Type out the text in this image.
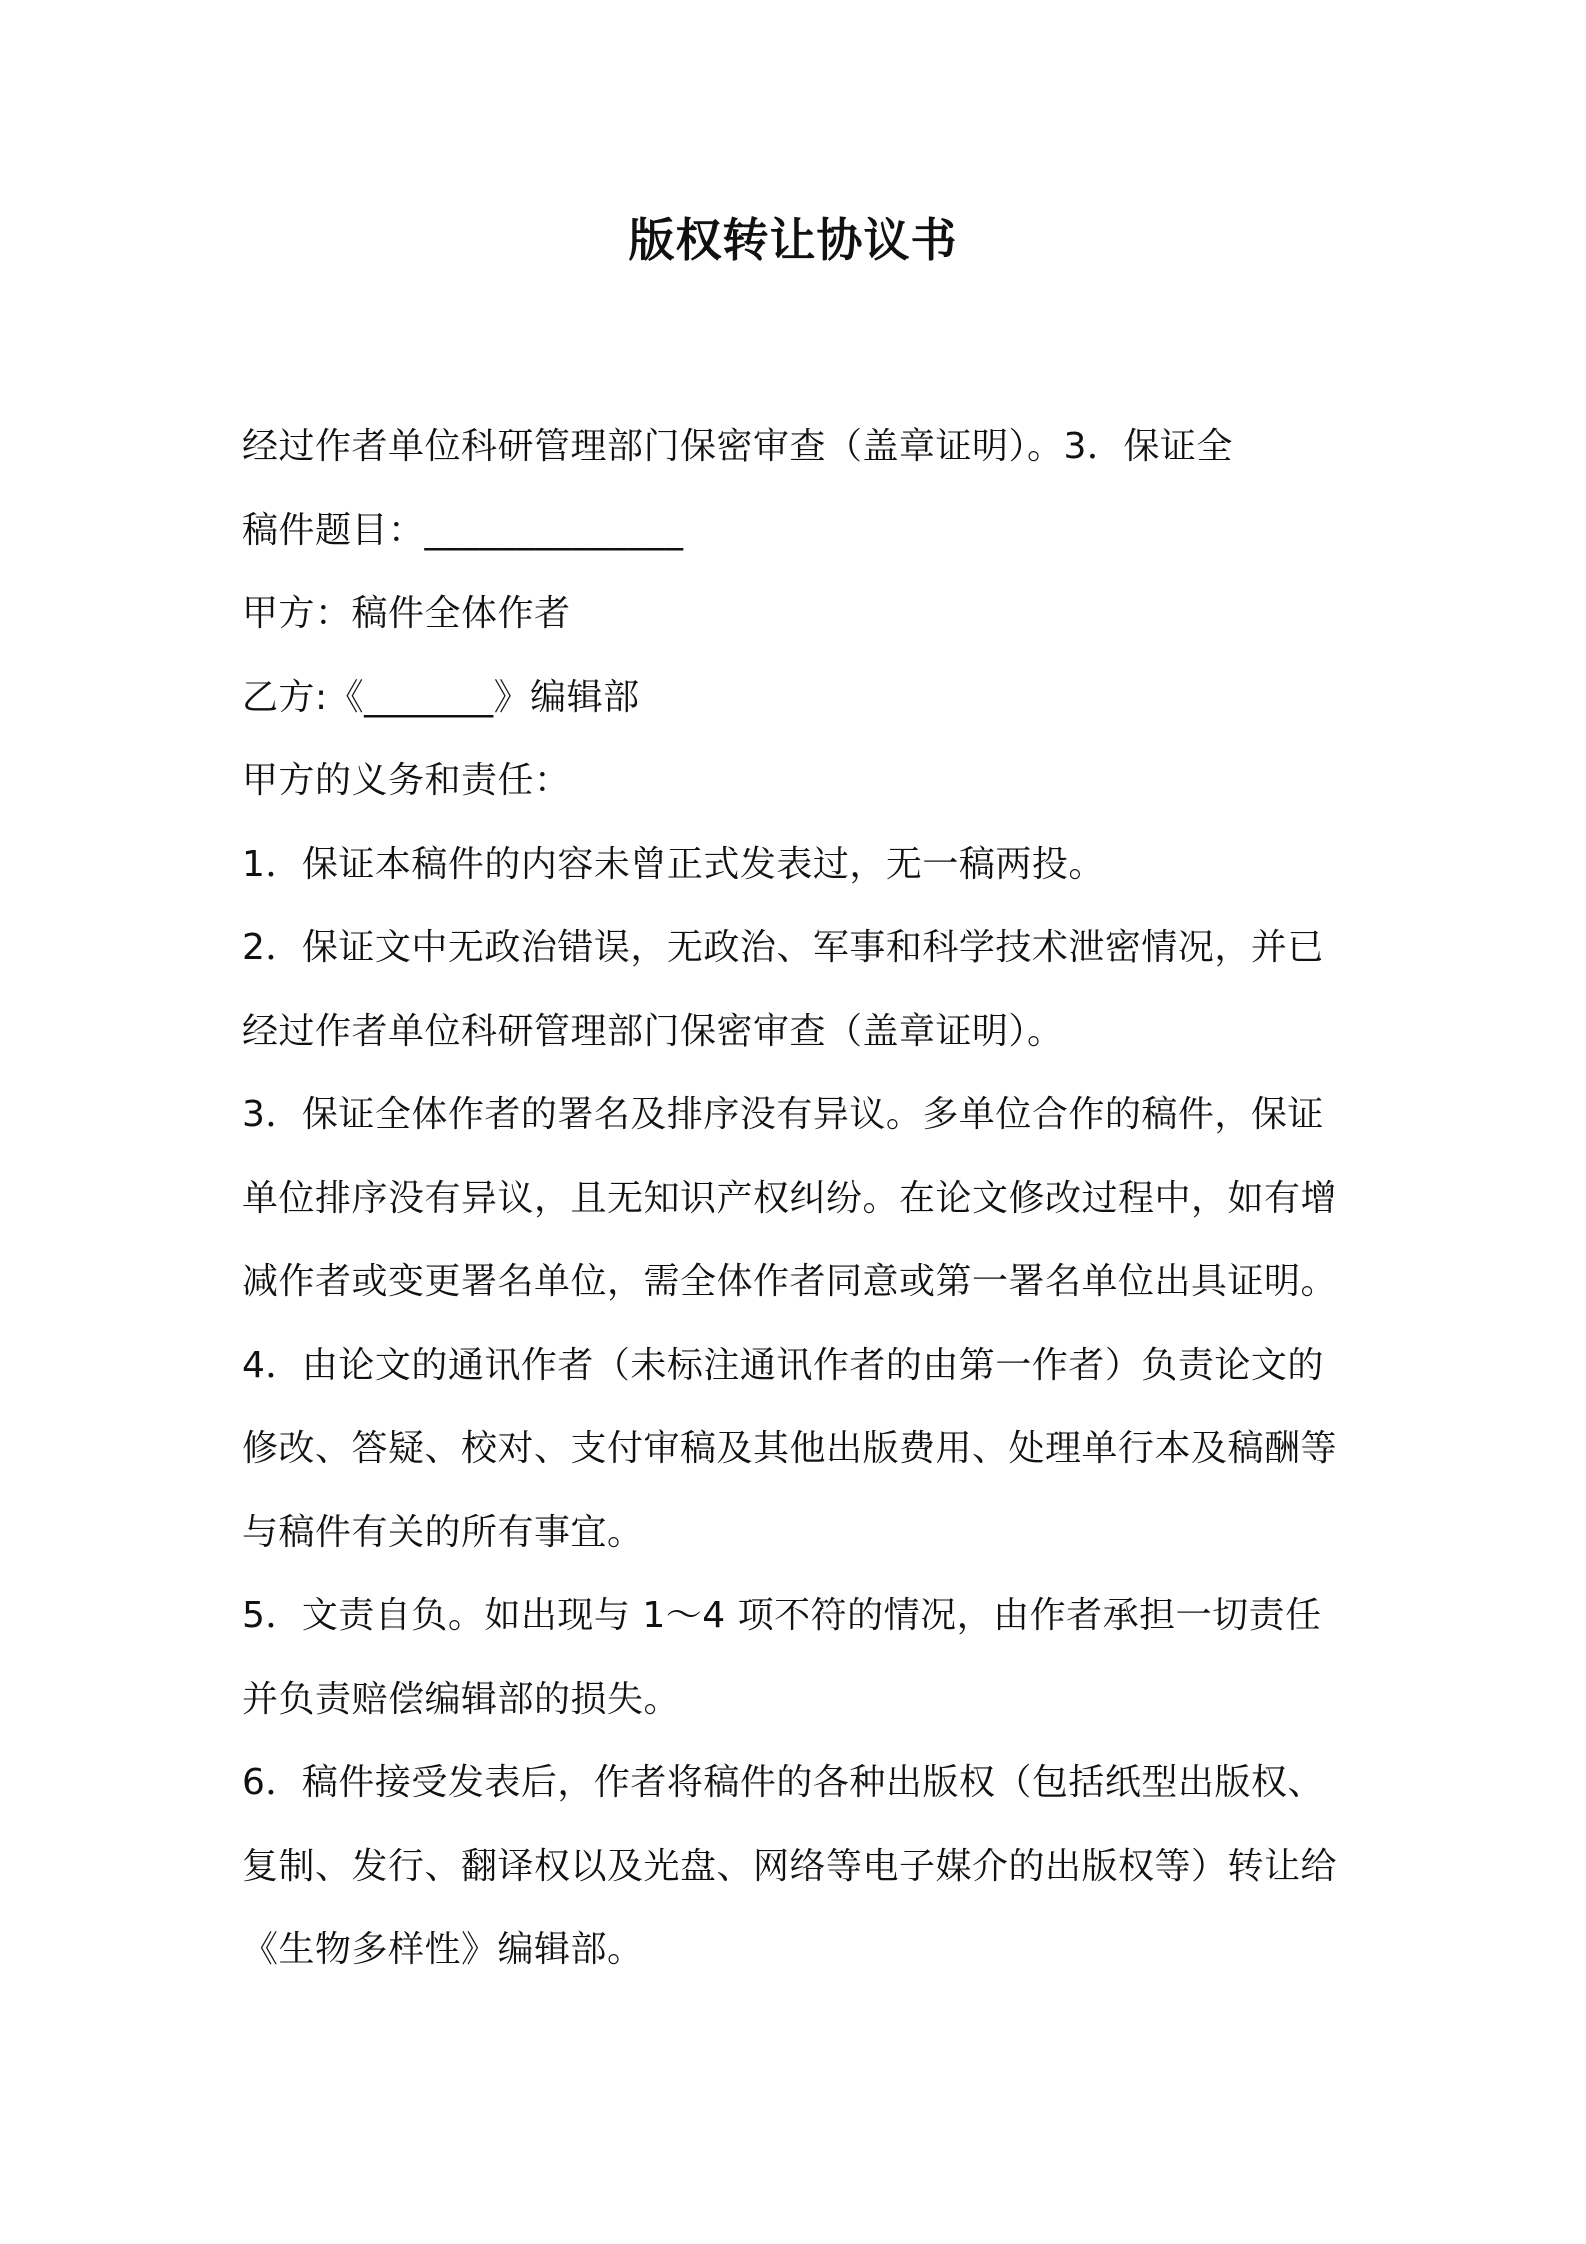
版权转让协议书
经过作者单位科研管理部门保密审查（盖章证明）。3．保证全
稿件题目：______________
甲方：稿件全体作者
乙方:《_______》编辑部
甲方的义务和责任：
1．保证本稿件的内容未曾正式发表过，无一稿两投。
2．保证文中无政治错误，无政治、军事和科学技术泄密情况，并已
经过作者单位科研管理部门保密审查（盖章证明）。
3．保证全体作者的署名及排序没有异议。多单位合作的稿件，保证
单位排序没有异议，且无知识产权纠纷。在论文修改过程中，如有增
减作者或变更署名单位，需全体作者同意或第一署名单位出具证明。
4．由论文的通讯作者（未标注通讯作者的由第一作者）负责论文的
修改、答疑、校对、支付审稿及其他出版费用、处理单行本及稿酬等
与稿件有关的所有事宜。
5．文责自负。如出现与 1～4 项不符的情况，由作者承担一切责任
并负责赔偿编辑部的损失。
6．稿件接受发表后，作者将稿件的各种出版权（包括纸型出版权、
复制、发行、翻译权以及光盘、网络等电子媒介的出版权等）转让给
《生物多样性》编辑部。
